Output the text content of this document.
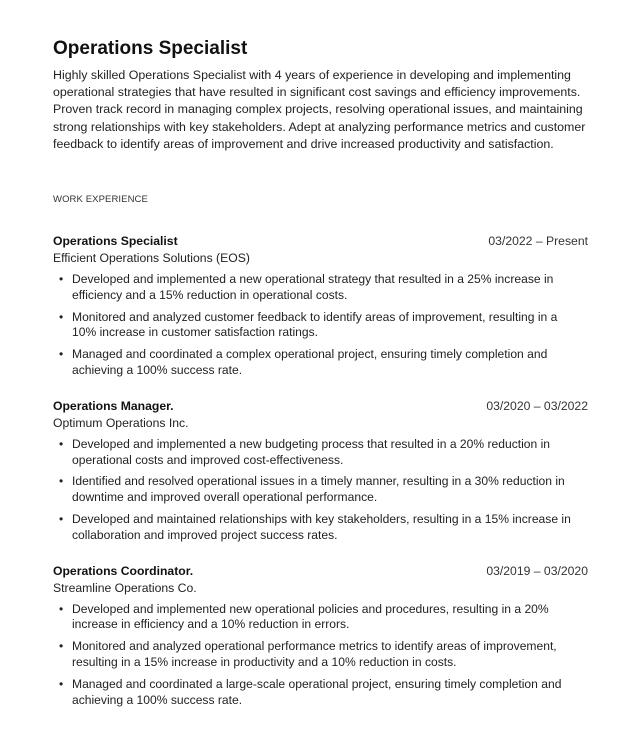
Operations Specialist

Highly skilled Operations Specialist with 4 years of experience in developing and implementing operational strategies that have resulted in significant cost savings and efficiency improvements. Proven track record in managing complex projects, resolving operational issues, and maintaining strong relationships with key stakeholders. Adept at analyzing performance metrics and customer feedback to identify areas of improvement and drive increased productivity and satisfaction.

WORK EXPERIENCE
Operations Specialist	03/2022 – Present
Efficient Operations Solutions (EOS)
• Developed and implemented a new operational strategy that resulted in a 25% increase in efficiency and a 15% reduction in operational costs.
• Monitored and analyzed customer feedback to identify areas of improvement, resulting in a 10% increase in customer satisfaction ratings.
• Managed and coordinated a complex operational project, ensuring timely completion and achieving a 100% success rate.
Operations Manager.	03/2020 – 03/2022
Optimum Operations Inc.
• Developed and implemented a new budgeting process that resulted in a 20% reduction in operational costs and improved cost-effectiveness.
• Identified and resolved operational issues in a timely manner, resulting in a 30% reduction in downtime and improved overall operational performance.
• Developed and maintained relationships with key stakeholders, resulting in a 15% increase in collaboration and improved project success rates.
Operations Coordinator.	03/2019 – 03/2020
Streamline Operations Co.
• Developed and implemented new operational policies and procedures, resulting in a 20% increase in efficiency and a 10% reduction in errors.
• Monitored and analyzed operational performance metrics to identify areas of improvement, resulting in a 15% increase in productivity and a 10% reduction in costs.
• Managed and coordinated a large-scale operational project, ensuring timely completion and achieving a 100% success rate.
